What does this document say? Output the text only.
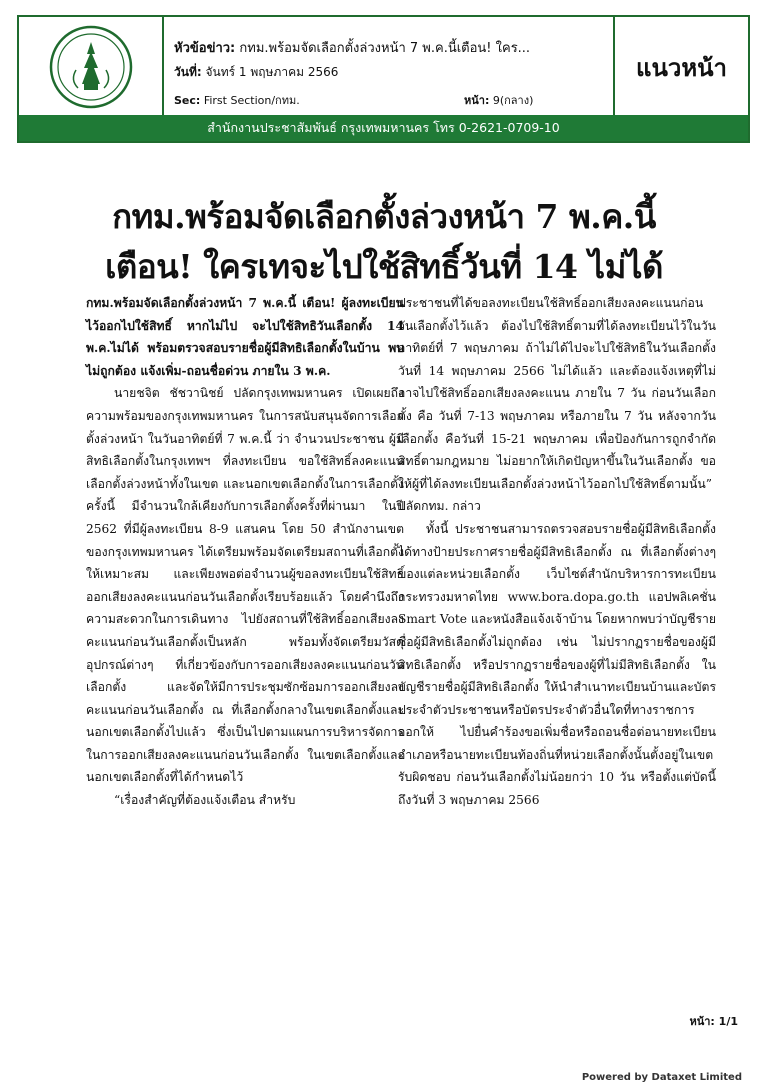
หัวข้อข่าว: กทม.พร้อมจัดเลือกตั้งล่วงหน้า 7 พ.ค.นี้เตือน! ใคร...
วันที่: จันทร์ 1 พฤษภาคม 2566
Sec: First Section/กทม.	หน้า: 9(กลาง)
แนวหน้า
สำนักงานประชาสัมพันธ์ กรุงเทพมหานคร โทร 0-2621-0709-10
กทม.พร้อมจัดเลือกตั้งล่วงหน้า 7 พ.ค.นี้
เตือน! ใครเทจะไปใช้สิทธิ์วันที่ 14 ไม่ได้

กทม.พร้อมจัดเลือกตั้งล่วงหน้า 7 พ.ค.นี้ เตือน! ผู้ลงทะเบียนไว้ออกไปใช้สิทธิ์ หากไม่ไป จะไปใช้สิทธิวันเลือกตั้ง 14 พ.ค.ไม่ได้ พร้อมตรวจสอบรายชื่อผู้มีสิทธิเลือกตั้งในบ้าน พบไม่ถูกต้อง แจ้งเพิ่ม-ถอนชื่อด่วน ภายใน 3 พ.ค.

นายชจิต ชัชวานิชย์ ปลัดกรุงเทพมหานคร เปิดเผยถึงความพร้อมของกรุงเทพมหานคร ในการสนับสนุนจัดการเลือกตั้งล่วงหน้า ในวันอาทิตย์ที่ 7 พ.ค.นี้ ว่า จำนวนประชาชน ผู้มีสิทธิเลือกตั้งในกรุงเทพฯ ที่ลงทะเบียน ขอใช้สิทธิ์ลงคะแนนเลือกตั้งล่วงหน้าทั้งในเขต และนอกเขตเลือกตั้งในการเลือกตั้งครั้งนี้ มีจำนวนใกล้เคียงกับการเลือกตั้งครั้งที่ผ่านมา ในปี 2562 ที่มีผู้ลงทะเบียน 8-9 แสนคน โดย 50 สำนักงานเขตของกรุงเทพมหานคร ได้เตรียมพร้อมจัดเตรียมสถานที่เลือกตั้งให้เหมาะสม และเพียงพอต่อจำนวนผู้ขอลงทะเบียนใช้สิทธิ์ออกเสียงลงคะแนนก่อนวันเลือกตั้งเรียบร้อยแล้ว โดยคำนึงถึงความสะดวกในการเดินทาง ไปยังสถานที่ใช้สิทธิ์ออกเสียงลงคะแนนก่อนวันเลือกตั้งเป็นหลัก พร้อมทั้งจัดเตรียมวัสดุอุปกรณ์ต่างๆ ที่เกี่ยวข้องกับการออกเสียงลงคะแนนก่อนวันเลือกตั้ง และจัดให้มีการประชุมซักซ้อมการออกเสียงลงคะแนนก่อนวันเลือกตั้ง ณ ที่เลือกตั้งกลางในเขตเลือกตั้งและนอกเขตเลือกตั้งไปแล้ว ซึ่งเป็นไปตามแผนการบริหารจัดการในการออกเสียงลงคะแนนก่อนวันเลือกตั้ง ในเขตเลือกตั้งและนอกเขตเลือกตั้งที่ได้กำหนดไว้

“เรื่องสำคัญที่ต้องแจ้งเตือน สำหรับ

ประชาชนที่ได้ขอลงทะเบียนใช้สิทธิ์ออกเสียงลงคะแนนก่อนวันเลือกตั้งไว้แล้ว ต้องไปใช้สิทธิ์ตามที่ได้ลงทะเบียนไว้ในวันอาทิตย์ที่ 7 พฤษภาคม ถ้าไม่ได้ไปจะไปใช้สิทธิในวันเลือกตั้ง วันที่ 14 พฤษภาคม 2566 ไม่ได้แล้ว และต้องแจ้งเหตุที่ไม่อาจไปใช้สิทธิ์ออกเสียงลงคะแนน ภายใน 7 วัน ก่อนวันเลือกตั้ง คือ วันที่ 7-13 พฤษภาคม หรือภายใน 7 วัน หลังจากวันเลือกตั้ง คือวันที่ 15-21 พฤษภาคม เพื่อป้องกันการถูกจำกัดสิทธิ์ตามกฎหมาย ไม่อยากให้เกิดปัญหาขึ้นในวันเลือกตั้ง ขอให้ผู้ที่ได้ลงทะเบียนเลือกตั้งล่วงหน้าไว้ออกไปใช้สิทธิ์ตามนั้น” ปลัดกทม. กล่าว

ทั้งนี้ ประชาชนสามารถตรวจสอบรายชื่อผู้มีสิทธิเลือกตั้ง ได้ทางป้ายประกาศรายชื่อผู้มีสิทธิเลือกตั้ง ณ ที่เลือกตั้งต่างๆ ของแต่ละหน่วยเลือกตั้ง เว็บไซต์สำนักบริหารการทะเบียน กระทรวงมหาดไทย www.bora.dopa.go.th แอปพลิเคชั่น Smart Vote และหนังสือแจ้งเจ้าบ้าน โดยหากพบว่าบัญชีรายชื่อผู้มีสิทธิเลือกตั้งไม่ถูกต้อง เช่น ไม่ปรากฏรายชื่อของผู้มีสิทธิเลือกตั้ง หรือปรากฏรายชื่อของผู้ที่ไม่มีสิทธิเลือกตั้ง ในบัญชีรายชื่อผู้มีสิทธิเลือกตั้ง ให้นำสำเนาทะเบียนบ้านและบัตรประจำตัวประชาชนหรือบัตรประจำตัวอื่นใดที่ทางราชการออกให้ ไปยื่นคำร้องขอเพิ่มชื่อหรือถอนชื่อต่อนายทะเบียนอำเภอหรือนายทะเบียนท้องถิ่นที่หน่วยเลือกตั้งนั้นตั้งอยู่ในเขตรับผิดชอบ ก่อนวันเลือกตั้งไม่น้อยกว่า 10 วัน หรือตั้งแต่บัดนี้ถึงวันที่ 3 พฤษภาคม 2566

หน้า: 1/1
Powered by Dataxet Limited
